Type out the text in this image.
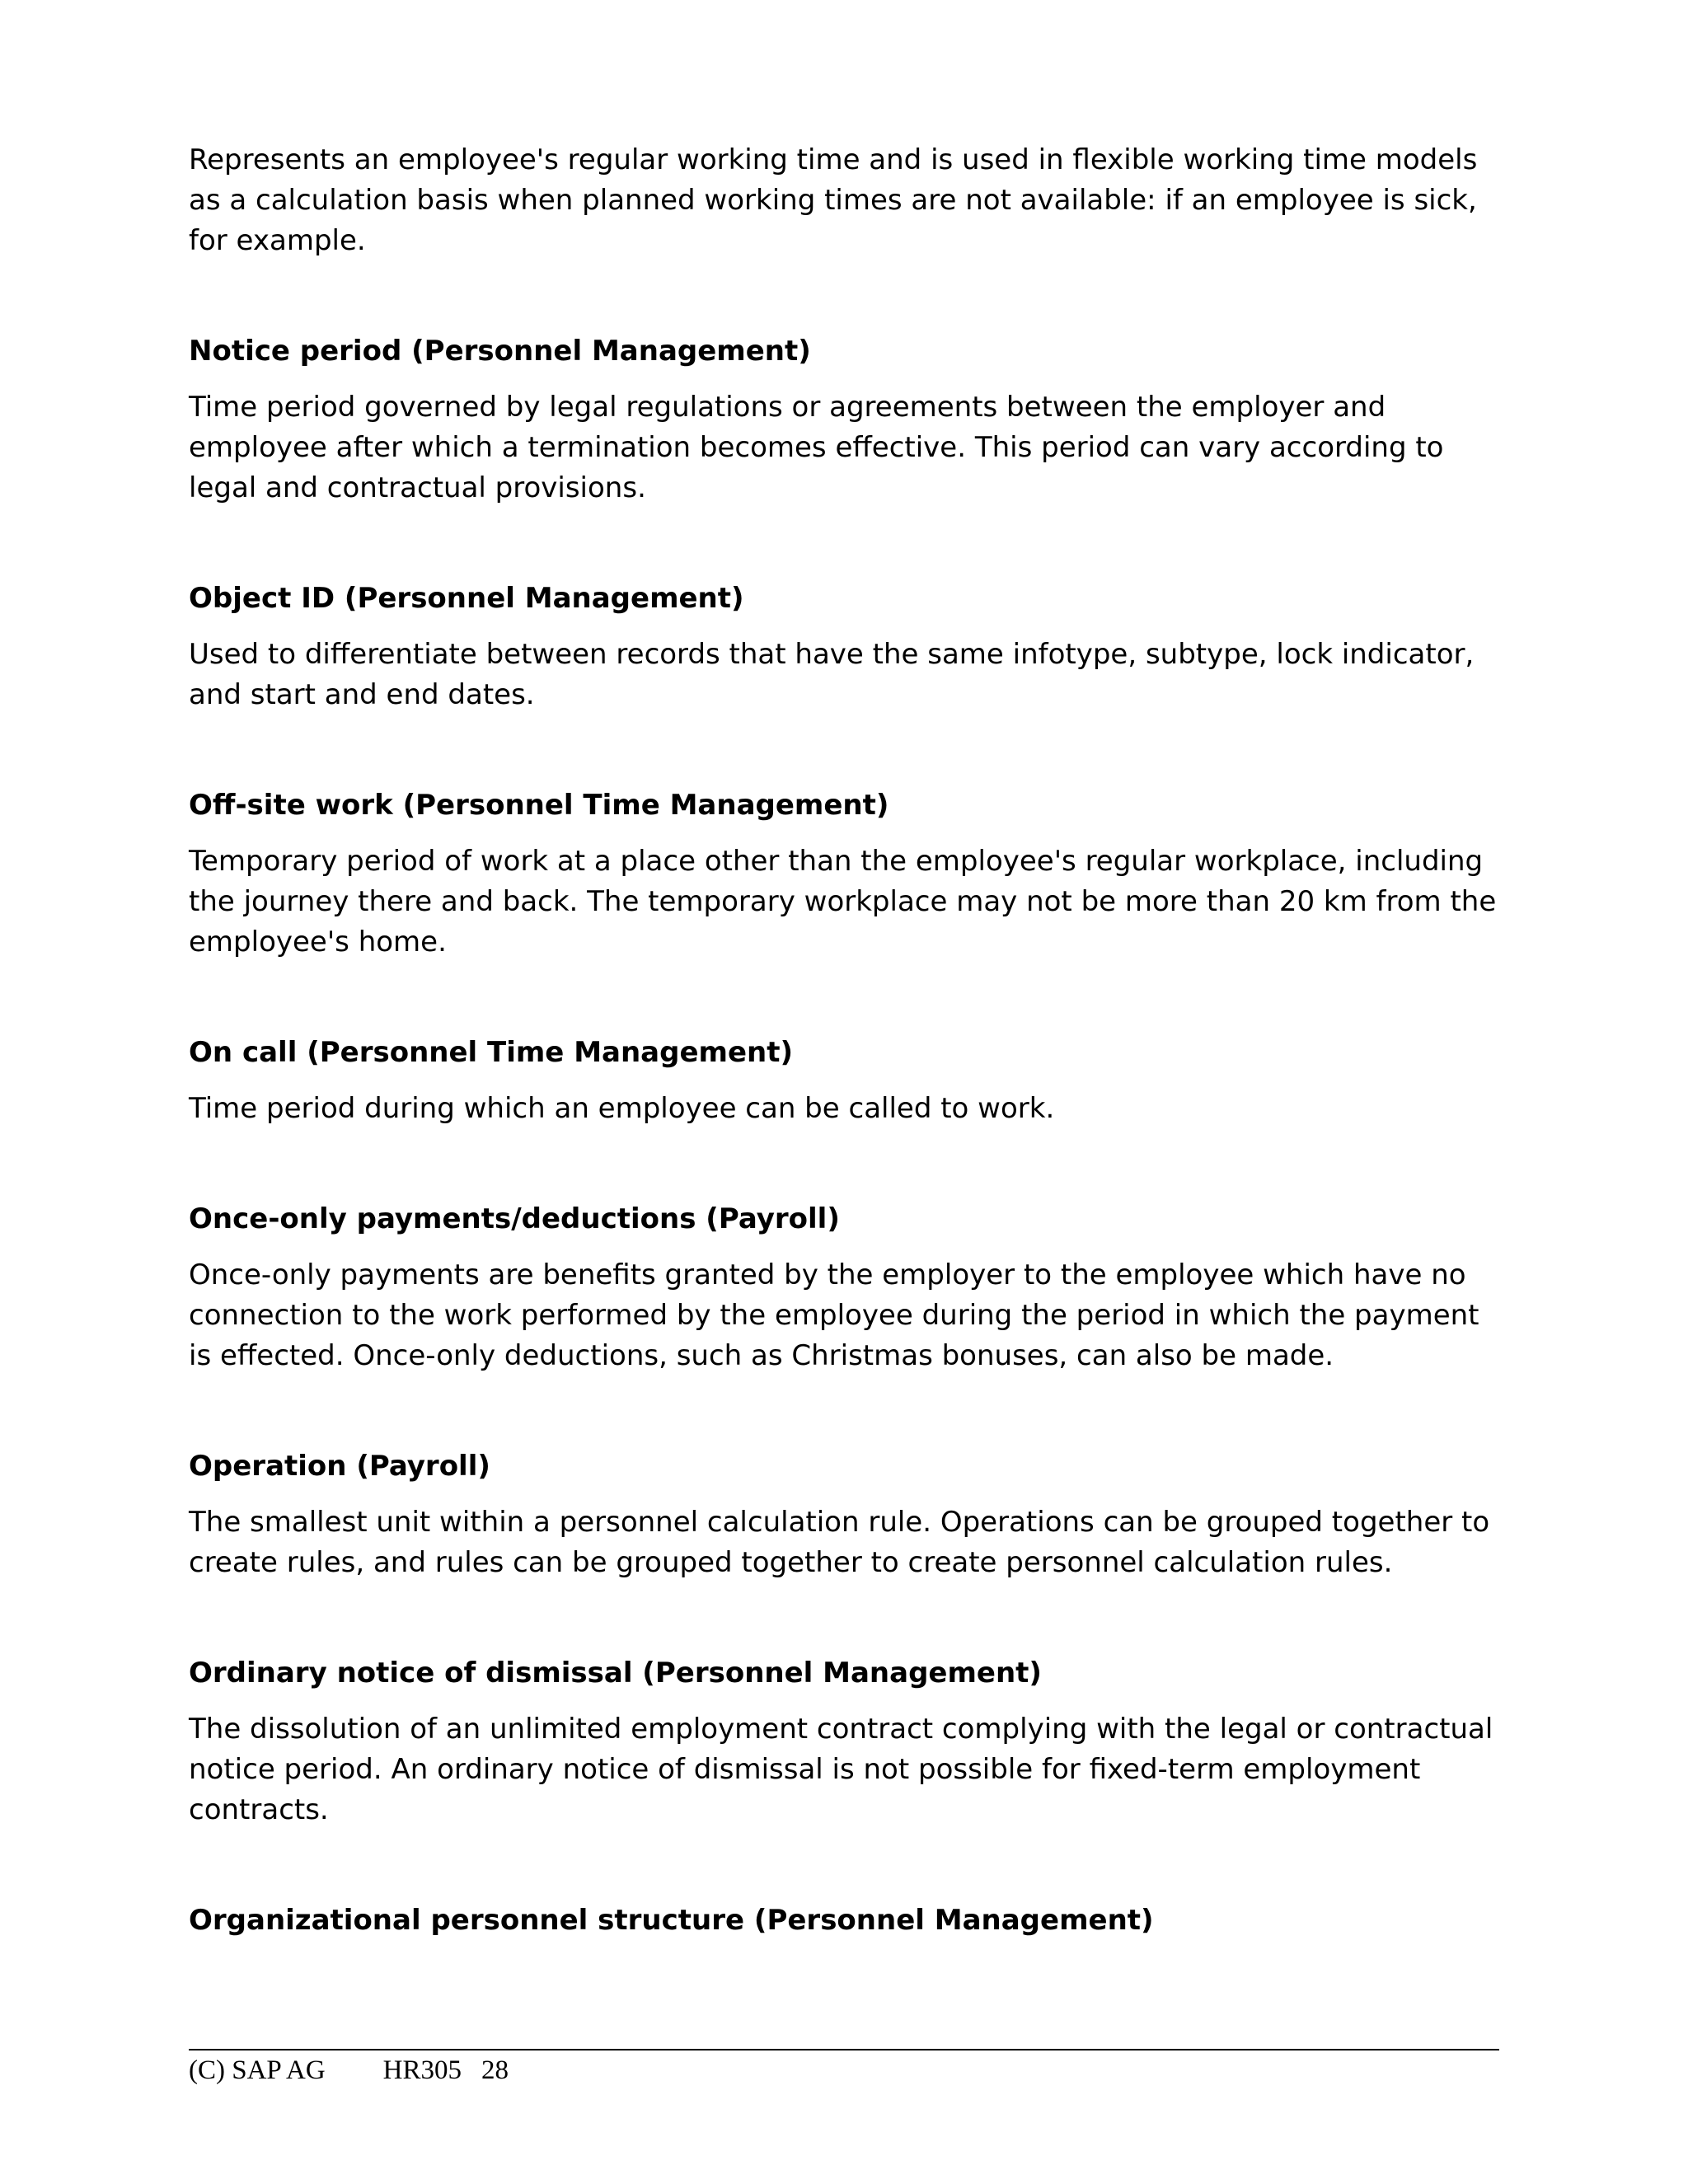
Represents an employee's regular working time and is used in flexible working time models as a calculation basis when planned working times are not available: if an employee is sick, for example.

Notice period (Personnel Management)

Time period governed by legal regulations or agreements between the employer and employee after which a termination becomes effective. This period can vary according to legal and contractual provisions.

Object ID (Personnel Management)

Used to differentiate between records that have the same infotype, subtype, lock indicator, and start and end dates.

Off-site work (Personnel Time Management)

Temporary period of work at a place other than the employee's regular workplace, including the journey there and back. The temporary workplace may not be more than 20 km from the employee's home.

On call (Personnel Time Management)

Time period during which an employee can be called to work.

Once-only payments/deductions (Payroll)

Once-only payments are benefits granted by the employer to the employee which have no connection to the work performed by the employee during the period in which the payment is effected. Once-only deductions, such as Christmas bonuses, can also be made.

Operation (Payroll)

The smallest unit within a personnel calculation rule. Operations can be grouped together to create rules, and rules can be grouped together to create personnel calculation rules.

Ordinary notice of dismissal (Personnel Management)

The dissolution of an unlimited employment contract complying with the legal or contractual notice period. An ordinary notice of dismissal is not possible for fixed-term employment contracts.

Organizational personnel structure (Personnel Management)

(C) SAP AG HR305 28
